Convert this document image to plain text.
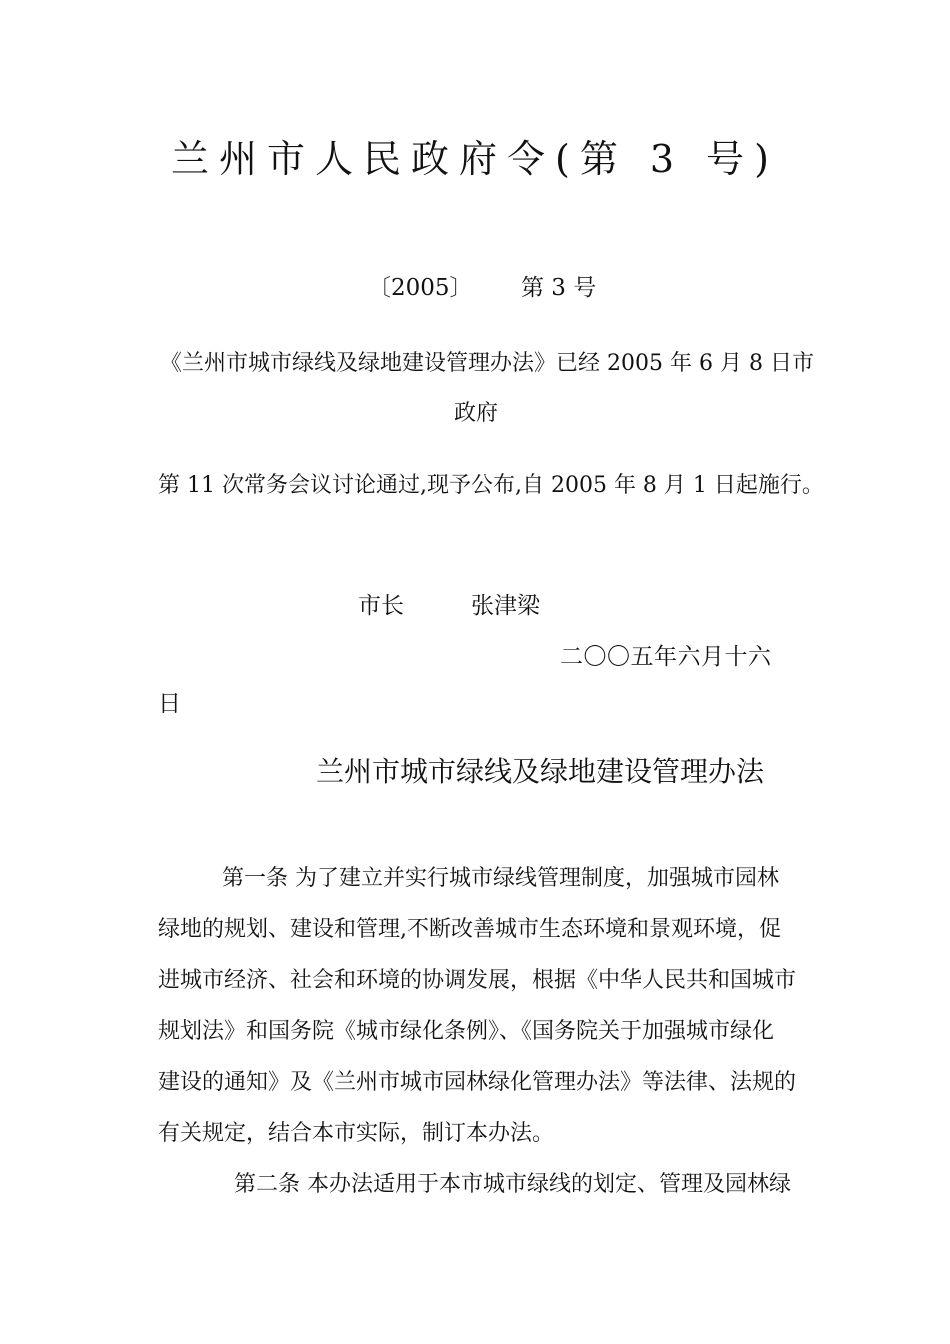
兰州市人民政府令(第 3 号)
〔2005〕 第 3 号
《兰州市城市绿线及绿地建设管理办法》已经 2005 年 6 月 8 日市
政府
第 11 次常务会议讨论通过,现予公布,自 2005 年 8 月 1 日起施行。
市长	张津梁
二〇〇五年六月十六
日
兰州市城市绿线及绿地建设管理办法
第一条 为了建立并实行城市绿线管理制度，加强城市园林
绿地的规划、建设和管理,不断改善城市生态环境和景观环境，促
进城市经济、社会和环境的协调发展，根据《中华人民共和国城市
规划法》和国务院《城市绿化条例》、《国务院关于加强城市绿化
建设的通知》及《兰州市城市园林绿化管理办法》等法律、法规的
有关规定，结合本市实际，制订本办法。
第二条 本办法适用于本市城市绿线的划定、管理及园林绿
